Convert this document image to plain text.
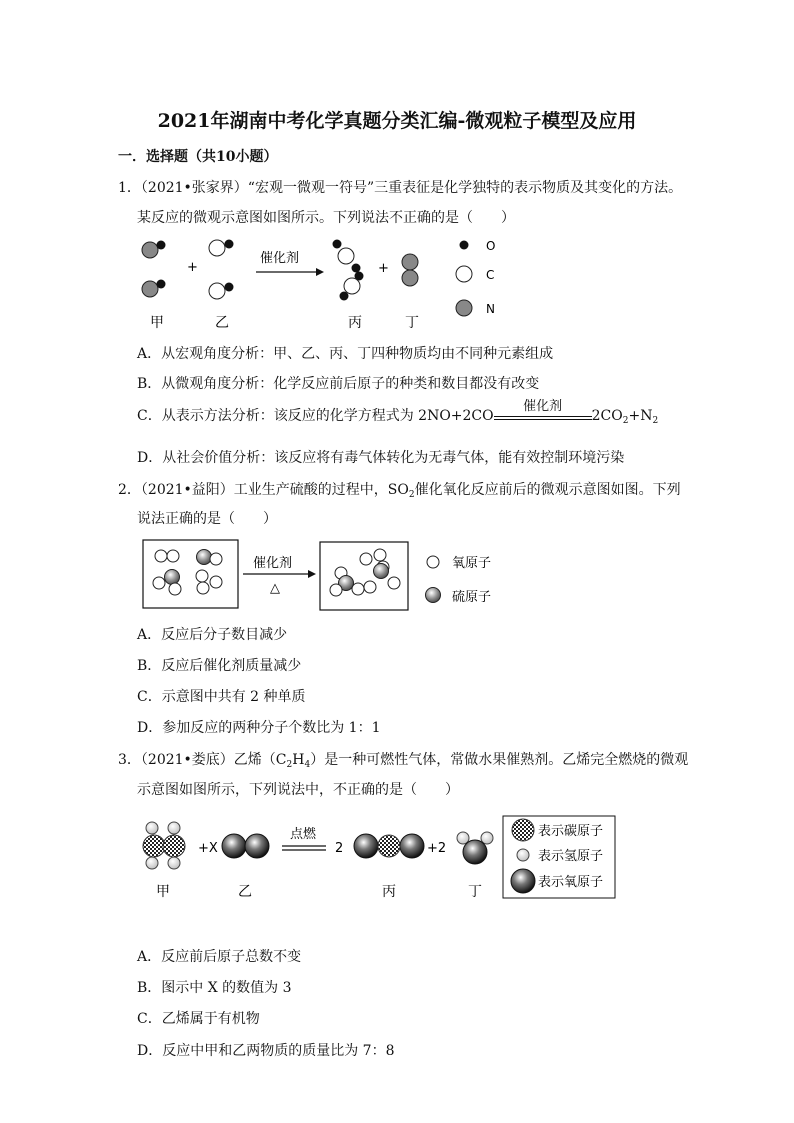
2021年湖南中考化学真题分类汇编-微观粒子模型及应用
一．选择题（共10小题）
1．（2021•张家界）“宏观一微观一符号”三重表征是化学独特的表示物质及其变化的方法。
某反应的微观示意图如图所示。下列说法不正确的是（　　）
+
催化剂
+
O
C
N
甲	乙	丙	丁
A．从宏观角度分析：甲、乙、丙、丁四种物质均由不同种元素组成
B．从微观角度分析：化学反应前后原子的种类和数目都没有改变
C．从表示方法分析：该反应的化学方程式为 2NO+2CO
催化剂
$2CO_2+N_2$
D．从社会价值分析：该反应将有毒气体转化为无毒气体，能有效控制环境污染
2．（2021•益阳）工业生产硫酸的过程中，$SO_2$催化氧化反应前后的微观示意图如图。下列
说法正确的是（　　）
催化剂
△
氧原子
硫原子
A．反应后分子数目减少
B．反应后催化剂质量减少
C．示意图中共有 2 种单质
D．参加反应的两种分子个数比为 1：1
3．（2021•娄底）乙烯$(C_2H_4)$是一种可燃性气体，常做水果催熟剂。乙烯完全燃烧的微观
示意图如图所示，下列说法中，不正确的是（　　）
+X
点燃
2	+2
表示碳原子
表示氢原子
表示氧原子
甲	乙	丙	丁
A．反应前后原子总数不变
B．图示中 X 的数值为 3
C．乙烯属于有机物
D．反应中甲和乙两物质的质量比为 7：8
